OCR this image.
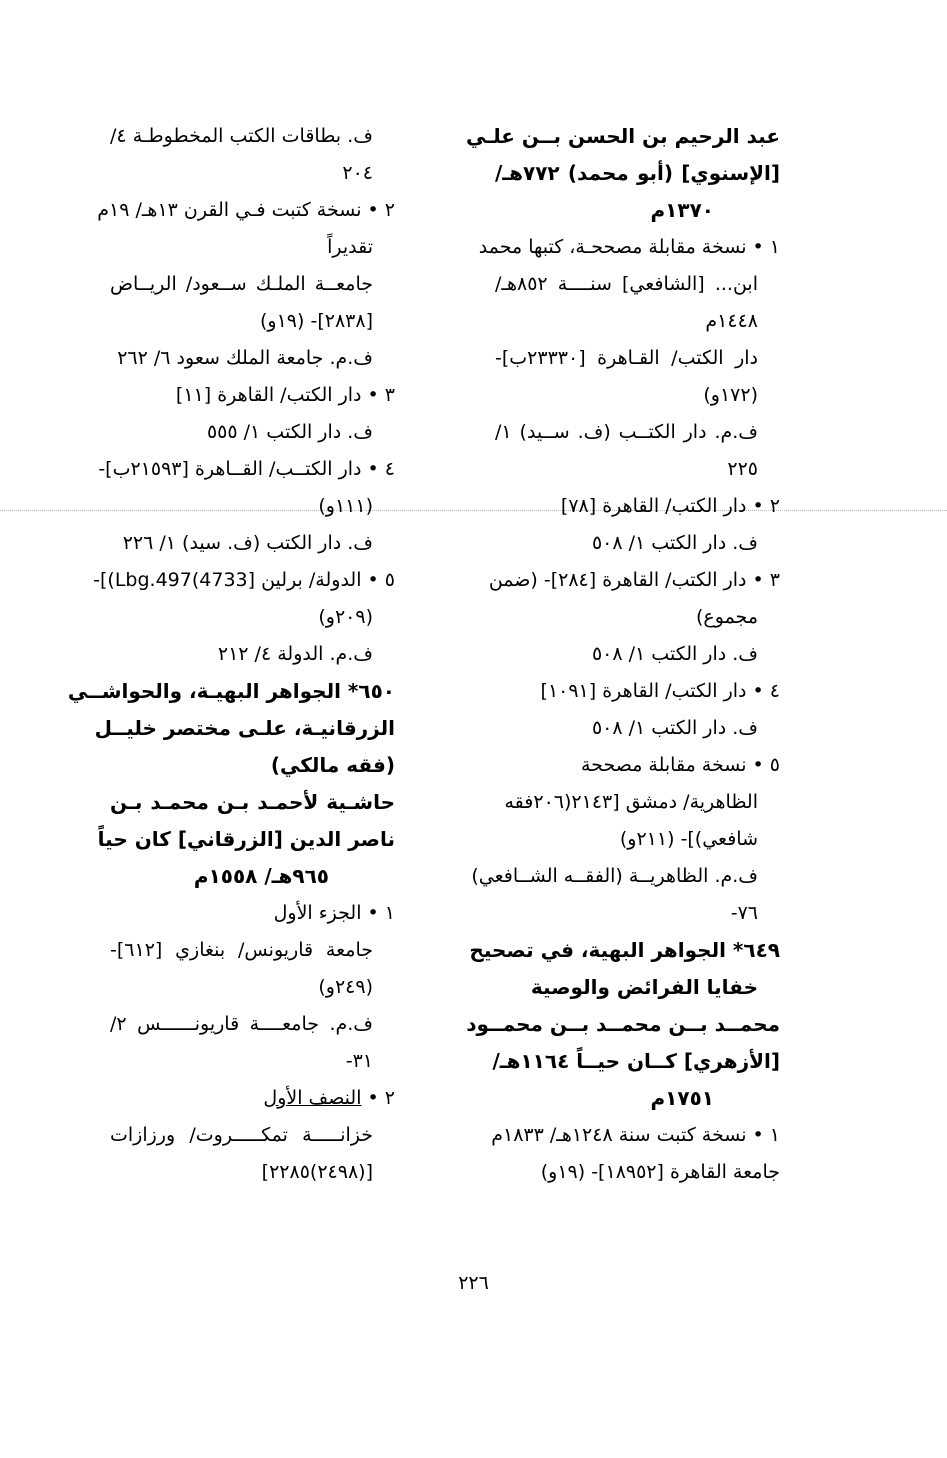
عبد الرحيم بن الحسن بــن علـي
[الإسنوي] (أبو محمد) ٧٧٢هـ/
١٣٧٠م
١ • نسخة مقابلة مصححـة، كتبها محمد
ابن... [الشافعي] سنــــة ٨٥٢هـ/
١٤٤٨م
دار الكتب/ القـاهرة [٢٣٣٣٠ب]-
(١٧٢و)
ف.م. دار الكتــب (ف. ســيد) ١/
٢٢٥
٢ • دار الكتب/ القاهرة [٧٨]
ف. دار الكتب ١/ ٥٠٨
٣ • دار الكتب/ القاهرة [٢٨٤]- (ضمن
مجموع)
ف. دار الكتب ١/ ٥٠٨
٤ • دار الكتب/ القاهرة [١٠٩١]
ف. دار الكتب ١/ ٥٠٨
٥ • نسخة مقابلة مصححة
الظاهرية/ دمشق [٢١٤٣(٢٠٦فقه
شافعي)]- (٢١١و)
ف.م. الظاهريــة (الفقــه الشــافعي)
٧٦-
٦٤٩* الجواهر البهية، في تصحيح
خفايا الفرائض والوصية
محمــد بــن محمــد بــن محمــود
[الأزهري] كــان حيــاً ١١٦٤هـ/
١٧٥١م
١ • نسخة كتبت سنة ١٢٤٨هـ/ ١٨٣٣م
جامعة القاهرة [١٨٩٥٢]- (١٩و)
ف. بطاقات الكتب المخطوطـة ٤/
٢٠٤
٢ • نسخة كتبت فـي القرن ١٣هـ/ ١٩م
تقديراً
جامعــة الملـك ســعود/ الريــاض
[٢٨٣٨]- (١٩و)
ف.م. جامعة الملك سعود ٦/ ٢٦٢
٣ • دار الكتب/ القاهرة [١١]
ف. دار الكتب ١/ ٥٥٥
٤ • دار الكتــب/ القــاهرة [٢١٥٩٣ب]-
(١١١و)
ف. دار الكتب (ف. سيد) ١/ ٢٢٦
٥ • الدولة/ برلين [4733)Lbg.497)]-
(٢٠٩و)
ف.م. الدولة ٤/ ٢١٢
٦٥٠* الجواهر البهيـة، والحواشــي
الزرقانيـة، علـى مختصر خليــل
(فقه مالكي)
حاشـية لأحمـد بـن محمـد بـن
ناصر الدين [الزرقاني] كان حياً
٩٦٥هـ/ ١٥٥٨م
١ • الجزء الأول
جامعة قاريونس/ بنغازي [٦١٢]-
(٢٤٩و)
ف.م. جامعــــة قاريونــــــس ٢/
٣١-
٢ • النصف الأول
خزانـــــة تمكـــــروت/ ورزازات
[(٢٤٩٨)٢٢٨٥]
٢٢٦
